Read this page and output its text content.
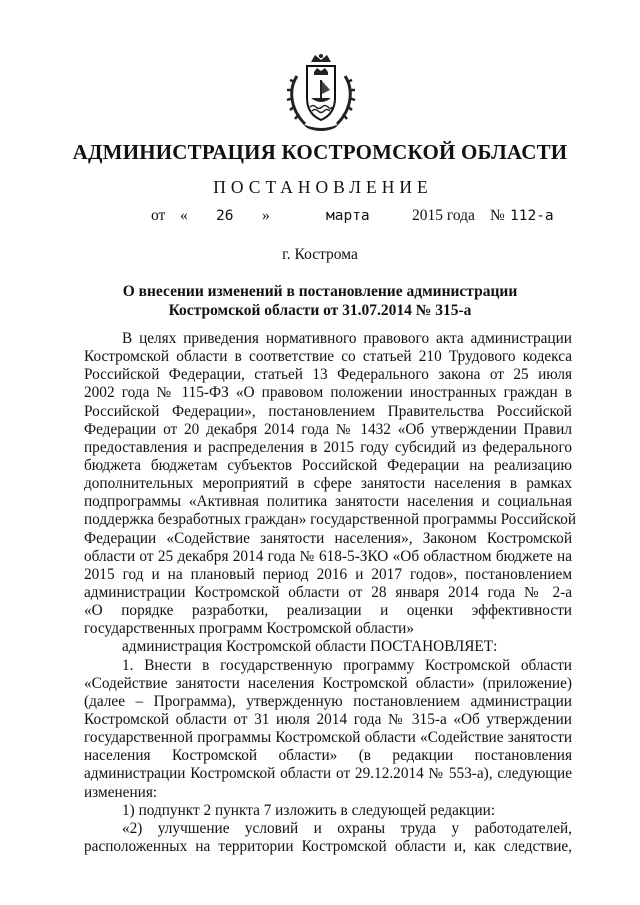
АДМИНИСТРАЦИЯ КОСТРОМСКОЙ ОБЛАСТИ
ПОСТАНОВЛЕНИЕ
от « 26 »	марта	2015 года № 112-а
г. Кострома
О внесении изменений в постановление администрации
Костромской области от 31.07.2014 № 315-а
В целях приведения нормативного правового акта администрации
Костромской области в соответствие со статьей 210 Трудового кодекса
Российской Федерации, статьей 13 Федерального закона от 25 июля
2002 года № 115-ФЗ «О правовом положении иностранных граждан в
Российской Федерации», постановлением Правительства Российской
Федерации от 20 декабря 2014 года № 1432 «Об утверждении Правил
предоставления и распределения в 2015 году субсидий из федерального
бюджета бюджетам субъектов Российской Федерации на реализацию
дополнительных мероприятий в сфере занятости населения в рамках
подпрограммы «Активная политика занятости населения и социальная
поддержка безработных граждан» государственной программы Российской
Федерации «Содействие занятости населения», Законом Костромской
области от 25 декабря 2014 года № 618-5-ЗКО «Об областном бюджете на
2015 год и на плановый период 2016 и 2017 годов», постановлением
администрации Костромской области от 28 января 2014 года № 2-а
«О порядке разработки, реализации и оценки эффективности
государственных программ Костромской области»
администрация Костромской области ПОСТАНОВЛЯЕТ:
1. Внести в государственную программу Костромской области
«Содействие занятости населения Костромской области» (приложение)
(далее – Программа), утвержденную постановлением администрации
Костромской области от 31 июля 2014 года № 315-а «Об утверждении
государственной программы Костромской области «Содействие занятости
населения Костромской области» (в редакции постановления
администрации Костромской области от 29.12.2014 № 553-а), следующие
изменения:
1) подпункт 2 пункта 7 изложить в следующей редакции:
«2) улучшение условий и охраны труда у работодателей,
расположенных на территории Костромской области и, как следствие,
